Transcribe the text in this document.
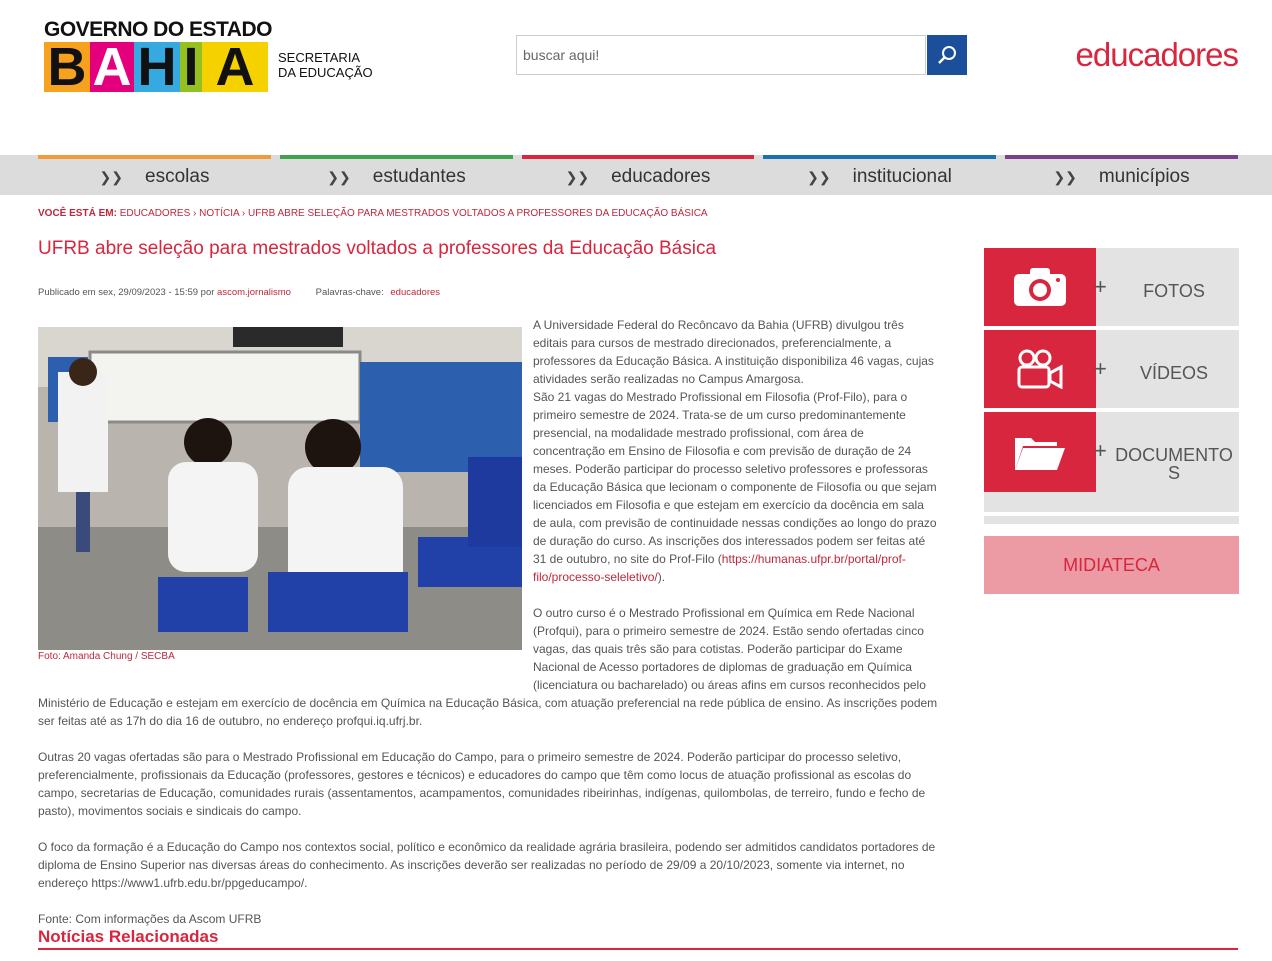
GOVERNO DO ESTADO
B A H I A	SECRETARIA
DA EDUCAÇÃO
buscar aqui!	educadores
❯❯ escolas	❯❯ estudantes	❯❯ educadores	❯❯ institucional	❯❯ municípios
VOCÊ ESTÁ EM: EDUCADORES › NOTÍCIA › UFRB ABRE SELEÇÃO PARA MESTRADOS VOLTADOS A PROFESSORES DA EDUCAÇÃO BÁSICA
UFRB abre seleção para mestrados voltados a professores da Educação Básica
Publicado em sex, 29/09/2023 - 15:59 por ascom.jornalismo	Palavras-chave: educadores
Foto: Amanda Chung / SECBA
A Universidade Federal do Recôncavo da Bahia (UFRB) divulgou três editais para cursos de mestrado direcionados, preferencialmente, a professores da Educação Básica. A instituição disponibiliza 46 vagas, cujas atividades serão realizadas no Campus Amargosa.
São 21 vagas do Mestrado Profissional em Filosofia (Prof-Filo), para o primeiro semestre de 2024. Trata-se de um curso predominantemente presencial, na modalidade mestrado profissional, com área de concentração em Ensino de Filosofia e com previsão de duração de 24 meses. Poderão participar do processo seletivo professores e professoras da Educação Básica que lecionam o componente de Filosofia ou que sejam licenciados em Filosofia e que estejam em exercício da docência em sala de aula, com previsão de continuidade nessas condições ao longo do prazo de duração do curso. As inscrições dos interessados podem ser feitas até 31 de outubro, no site do Prof-Filo (https://humanas.ufpr.br/portal/prof-filo/processo-seleletivo/).
O outro curso é o Mestrado Profissional em Química em Rede Nacional (Profqui), para o primeiro semestre de 2024. Estão sendo ofertadas cinco vagas, das quais três são para cotistas. Poderão participar do Exame Nacional de Acesso portadores de diplomas de graduação em Química (licenciatura ou bacharelado) ou áreas afins em cursos reconhecidos pelo
Ministério de Educação e estejam em exercício de docência em Química na Educação Básica, com atuação preferencial na rede pública de ensino. As inscrições podem ser feitas até as 17h do dia 16 de outubro, no endereço profqui.iq.ufrj.br.
Outras 20 vagas ofertadas são para o Mestrado Profissional em Educação do Campo, para o primeiro semestre de 2024. Poderão participar do processo seletivo, preferencialmente, profissionais da Educação (professores, gestores e técnicos) e educadores do campo que têm como locus de atuação profissional as escolas do campo, secretarias de Educação, comunidades rurais (assentamentos, acampamentos, comunidades ribeirinhas, indígenas, quilombolas, de terreiro, fundo e fecho de pasto), movimentos sociais e sindicais do campo.
O foco da formação é a Educação do Campo nos contextos social, político e econômico da realidade agrária brasileira, podendo ser admitidos candidatos portadores de diploma de Ensino Superior nas diversas áreas do conhecimento. As inscrições deverão ser realizadas no período de 29/09 a 20/10/2023, somente via internet, no endereço https://www1.ufrb.edu.br/ppgeducampo/.
Fonte: Com informações da Ascom UFRB
Notícias Relacionadas
+	FOTOS
+	VÍDEOS
+ DOCUMENTOS
MIDIATECA
